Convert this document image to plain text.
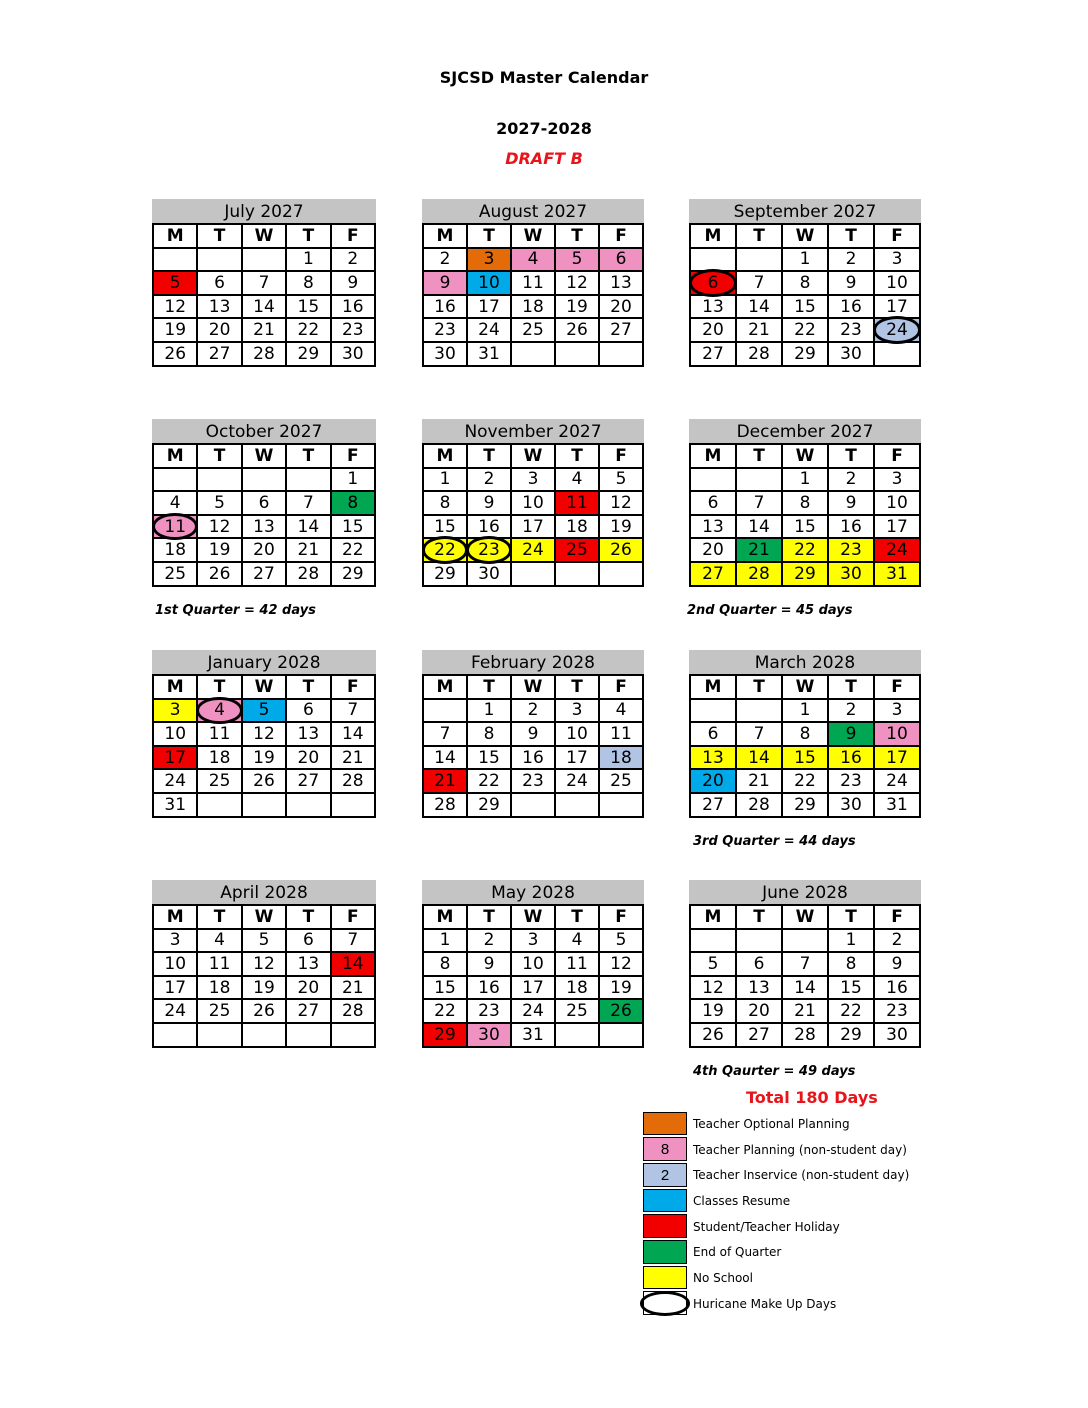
SJCSD Master Calendar
2027-2028
DRAFT B
July 2027
M	T	W	T	F
			1	2
5	6	7	8	9
12	13	14	15	16
19	20	21	22	23
26	27	28	29	30
August 2027
M	T	W	T	F
2	3	4	5	6
9	10	11	12	13
16	17	18	19	20
23	24	25	26	27
30	31			
September 2027
M	T	W	T	F
		1	2	3
6	7	8	9	10
13	14	15	16	17
20	21	22	23	24
27	28	29	30	
October 2027
M	T	W	T	F
				1
4	5	6	7	8
11	12	13	14	15
18	19	20	21	22
25	26	27	28	29
November 2027
M	T	W	T	F
1	2	3	4	5
8	9	10	11	12
15	16	17	18	19
22	23	24	25	26
29	30			
December 2027
M	T	W	T	F
		1	2	3
6	7	8	9	10
13	14	15	16	17
20	21	22	23	24
27	28	29	30	31
January 2028
M	T	W	T	F
3	4	5	6	7
10	11	12	13	14
17	18	19	20	21
24	25	26	27	28
31				
February 2028
M	T	W	T	F
	1	2	3	4
7	8	9	10	11
14	15	16	17	18
21	22	23	24	25
28	29			
March 2028
M	T	W	T	F
		1	2	3
6	7	8	9	10
13	14	15	16	17
20	21	22	23	24
27	28	29	30	31
April 2028
M	T	W	T	F
3	4	5	6	7
10	11	12	13	14
17	18	19	20	21
24	25	26	27	28

May 2028
M	T	W	T	F
1	2	3	4	5
8	9	10	11	12
15	16	17	18	19
22	23	24	25	26
29	30	31		
June 2028
M	T	W	T	F
			1	2
5	6	7	8	9
12	13	14	15	16
19	20	21	22	23
26	27	28	29	30
1st Quarter = 42 days	2nd Quarter = 45 days
3rd Quarter = 44 days
4th Qaurter = 49 days
Total 180 Days
Teacher Optional Planning
8	Teacher Planning (non-student day)
2	Teacher Inservice (non-student day)
Classes Resume
Student/Teacher Holiday
End of Quarter
No School
Huricane Make Up Days
